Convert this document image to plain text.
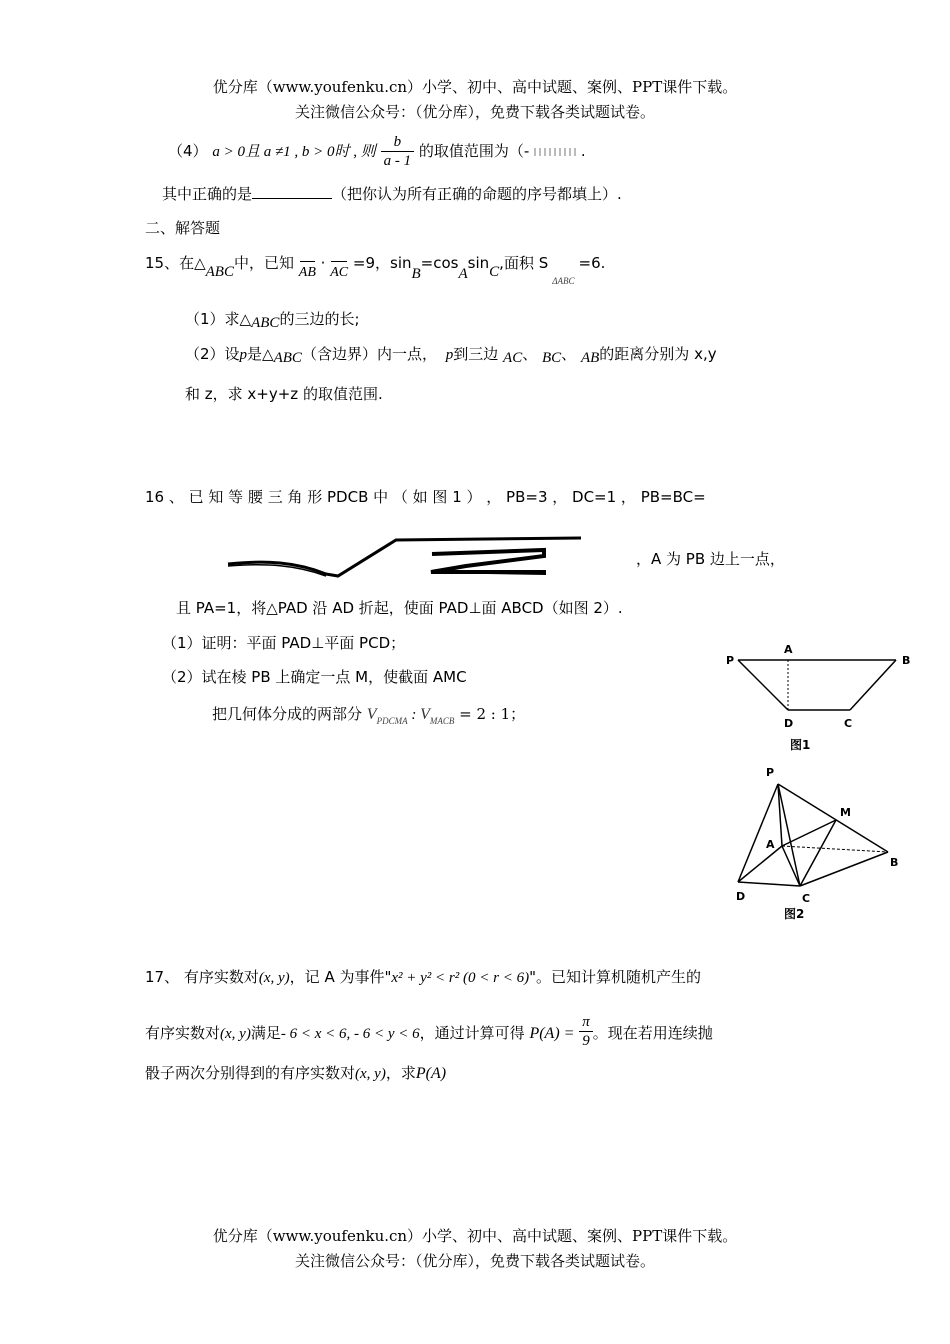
优分库（www.youfenku.cn）小学、初中、高中试题、案例、PPT课件下载。
关注微信公众号：（优分库），免费下载各类试题试卷。
（4） a > 0且 a ≠1 , b > 0时 , 则 $\frac{b}{a - 1}$ 的取值范围为（-	.
其中正确的是	（把你认为所有正确的命题的序号都填上）.
二、解答题
15、在△ABC中，已知 AB · AC =9，sinB=cosAsinC,面积 $S_{\Delta ABC}=6$.
（1）求△ABC的三边的长;
（2）设p是△ABC（含边界）内一点， p到三边 AC、 BC、 AB的距离分别为 x,y
和 z，求 x+y+z 的取值范围.
16 、 已 知 等 腰 三 角 形 PDCB 中 （ 如 图 1 ） ， PB=3 ， DC=1 ， PB=BC=
，A 为 PB 边上一点，
且 PA=1，将△PAD 沿 AD 折起，使面 PAD⊥面 ABCD（如图 2）.
（1）证明：平面 PAD⊥平面 PCD；
（2）试在棱 PB 上确定一点 M，使截面 AMC
把几何体分成的两部分 $V_{PDCMA}$ : $V_{MACB} = 2$ : 1；
P
A
B
D	C
图1
P
M
A
B
D	C
图2
17、 有序实数对(x, y)，记 A 为事件"x² + y² < r² (0 < r < 6)"。已知计算机随机产生的
有序实数对(x, y)满足- 6 < x < 6, - 6 < y < 6，通过计算可得 $P(A) = \frac{\pi}{9}$ 。现在若用连续抛
骰子两次分别得到的有序实数对(x, y)，求P(A)
优分库（www.youfenku.cn）小学、初中、高中试题、案例、PPT课件下载。
关注微信公众号：（优分库），免费下载各类试题试卷。
